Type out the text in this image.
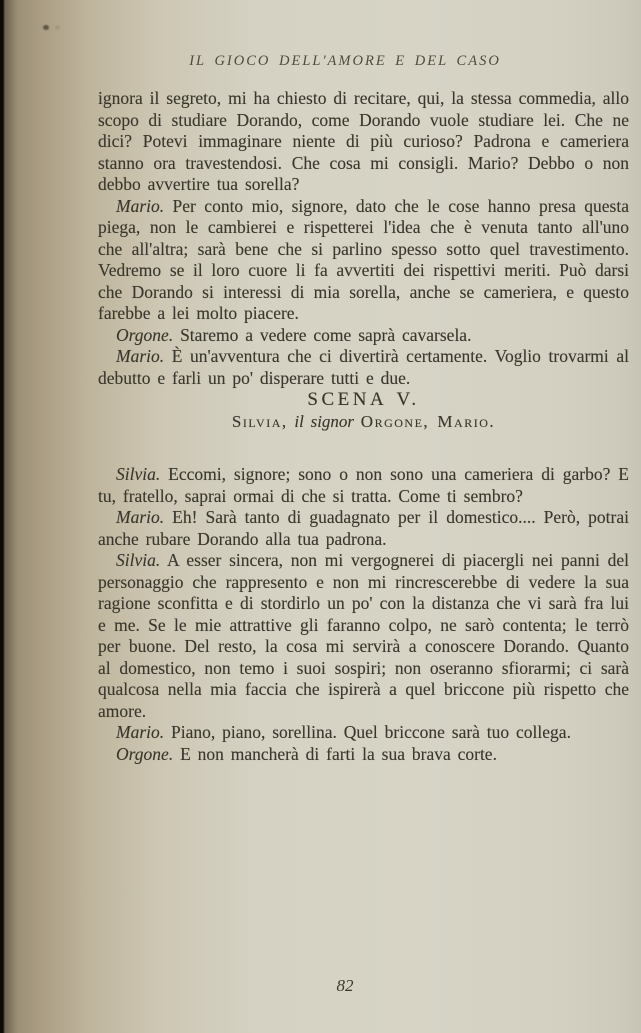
IL GIOCO DELL'AMORE E DEL CASO

ignora il segreto, mi ha chiesto di recitare, qui, la stessa commedia, allo scopo di studiare Dorando, come Dorando vuole studiare lei. Che ne dici? Potevi immaginare niente di più curioso? Padrona e cameriera stanno ora travestendosi. Che cosa mi consigli. Mario? Debbo o non debbo avvertire tua sorella?

Mario. Per conto mio, signore, dato che le cose hanno presa questa piega, non le cambierei e rispetterei l'idea che è venuta tanto all'uno che all'altra; sarà bene che si parlino spesso sotto quel travestimento. Vedremo se il loro cuore li fa avvertiti dei rispettivi meriti. Può darsi che Dorando si interessi di mia sorella, anche se cameriera, e questo farebbe a lei molto piacere.

Orgone. Staremo a vedere come saprà cavarsela.

Mario. È un'avventura che ci divertirà certamente. Voglio trovarmi al debutto e farli un po' disperare tutti e due.

SCENA V.

Silvia, il signor Orgone, Mario.

Silvia. Eccomi, signore; sono o non sono una cameriera di garbo? E tu, fratello, saprai ormai di che si tratta. Come ti sembro?

Mario. Eh! Sarà tanto di guadagnato per il domestico.... Però, potrai anche rubare Dorando alla tua padrona.

Silvia. A esser sincera, non mi vergognerei di piacergli nei panni del personaggio che rappresento e non mi rincrescerebbe di vedere la sua ragione sconfitta e di stordirlo un po' con la distanza che vi sarà fra lui e me. Se le mie attrattive gli faranno colpo, ne sarò contenta; le terrò per buone. Del resto, la cosa mi servirà a conoscere Dorando. Quanto al domestico, non temo i suoi sospiri; non oseranno sfiorarmi; ci sarà qualcosa nella mia faccia che ispirerà a quel briccone più rispetto che amore.

Mario. Piano, piano, sorellina. Quel briccone sarà tuo collega.

Orgone. E non mancherà di farti la sua brava corte.

82
